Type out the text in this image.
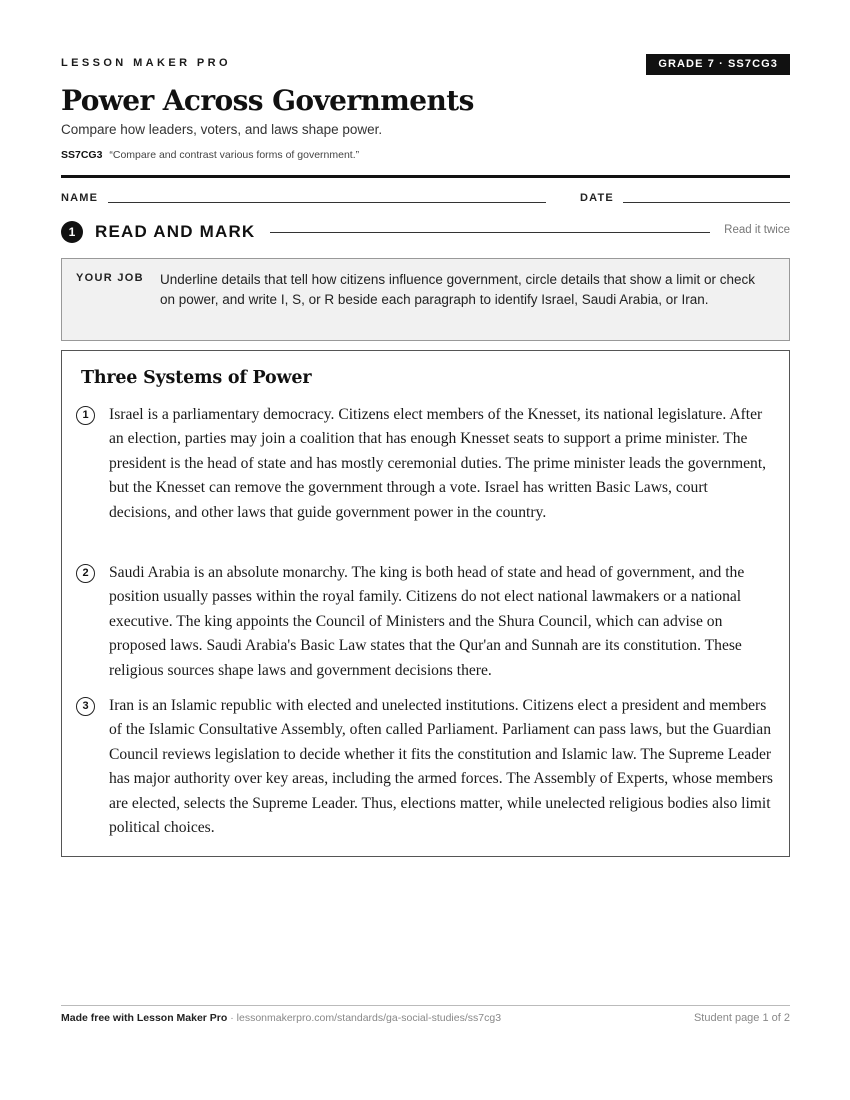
LESSON MAKER PRO	GRADE 7 · SS7CG3
Power Across Governments
Compare how leaders, voters, and laws shape power.
SS7CG3 “Compare and contrast various forms of government.”
NAME	DATE
1	READ AND MARK	Read it twice
YOUR JOB Underline details that tell how citizens influence government, circle details that show a limit or check on power, and write I, S, or R beside each paragraph to identify Israel, Saudi Arabia, or Iran.
Three Systems of Power
1	Israel is a parliamentary democracy. Citizens elect members of the Knesset, its national legislature. After an election, parties may join a coalition that has enough Knesset seats to support a prime minister. The president is the head of state and has mostly ceremonial duties. The prime minister leads the government, but the Knesset can remove the government through a vote. Israel has written Basic Laws, court decisions, and other laws that guide government power in the country.
2	Saudi Arabia is an absolute monarchy. The king is both head of state and head of government, and the position usually passes within the royal family. Citizens do not elect national lawmakers or a national executive. The king appoints the Council of Ministers and the Shura Council, which can advise on proposed laws. Saudi Arabia's Basic Law states that the Qur'an and Sunnah are its constitution. These religious sources shape laws and government decisions there.
3	Iran is an Islamic republic with elected and unelected institutions. Citizens elect a president and members of the Islamic Consultative Assembly, often called Parliament. Parliament can pass laws, but the Guardian Council reviews legislation to decide whether it fits the constitution and Islamic law. The Supreme Leader has major authority over key areas, including the armed forces. The Assembly of Experts, whose members are elected, selects the Supreme Leader. Thus, elections matter, while unelected religious bodies also limit political choices.
Made free with Lesson Maker Pro · lessonmakerpro.com/standards/ga-social-studies/ss7cg3	Student page 1 of 2
